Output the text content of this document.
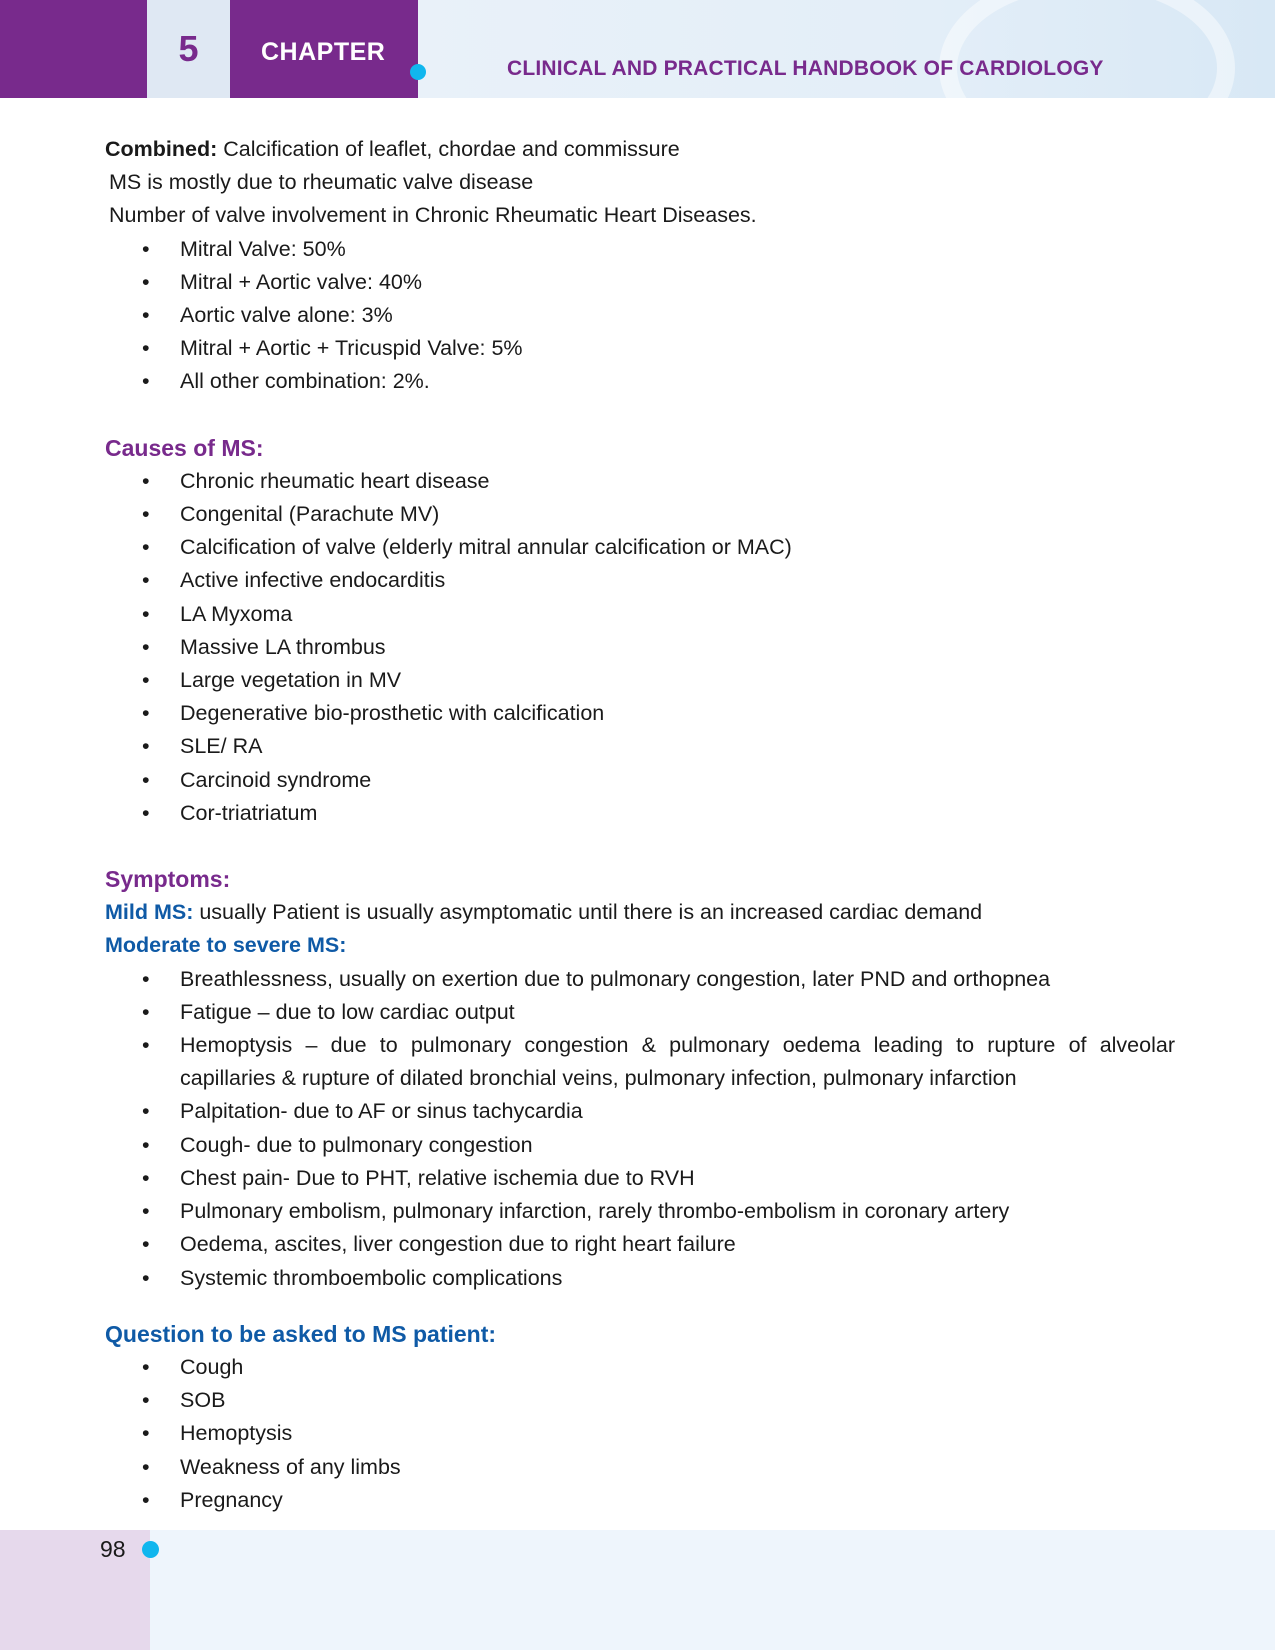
5	CHAPTER
CLINICAL AND PRACTICAL HANDBOOK OF CARDIOLOGY

Combined: Calcification of leaflet, chordae and commissure

MS is mostly due to rheumatic valve disease

Number of valve involvement in Chronic Rheumatic Heart Diseases.

• Mitral Valve: 50%
• Mitral + Aortic valve: 40%
• Aortic valve alone: 3%
• Mitral + Aortic + Tricuspid Valve: 5%
• All other combination: 2%.

Causes of MS:

• Chronic rheumatic heart disease
• Congenital (Parachute MV)
• Calcification of valve (elderly mitral annular calcification or MAC)
• Active infective endocarditis
• LA Myxoma
• Massive LA thrombus
• Large vegetation in MV
• Degenerative bio-prosthetic with calcification
• SLE/ RA
• Carcinoid syndrome
• Cor-triatriatum

Symptoms:

Mild MS: usually Patient is usually asymptomatic until there is an increased cardiac demand

Moderate to severe MS:

• Breathlessness, usually on exertion due to pulmonary congestion, later PND and orthopnea
• Fatigue – due to low cardiac output
• Hemoptysis – due to pulmonary congestion & pulmonary oedema leading to rupture of alveolar capillaries & rupture of dilated bronchial veins, pulmonary infection, pulmonary infarction
• Palpitation- due to AF or sinus tachycardia
• Cough- due to pulmonary congestion
• Chest pain- Due to PHT, relative ischemia due to RVH
• Pulmonary embolism, pulmonary infarction, rarely thrombo-embolism in coronary artery
• Oedema, ascites, liver congestion due to right heart failure
• Systemic thromboembolic complications

Question to be asked to MS patient:

• Cough
• SOB
• Hemoptysis
• Weakness of any limbs
• Pregnancy
98
